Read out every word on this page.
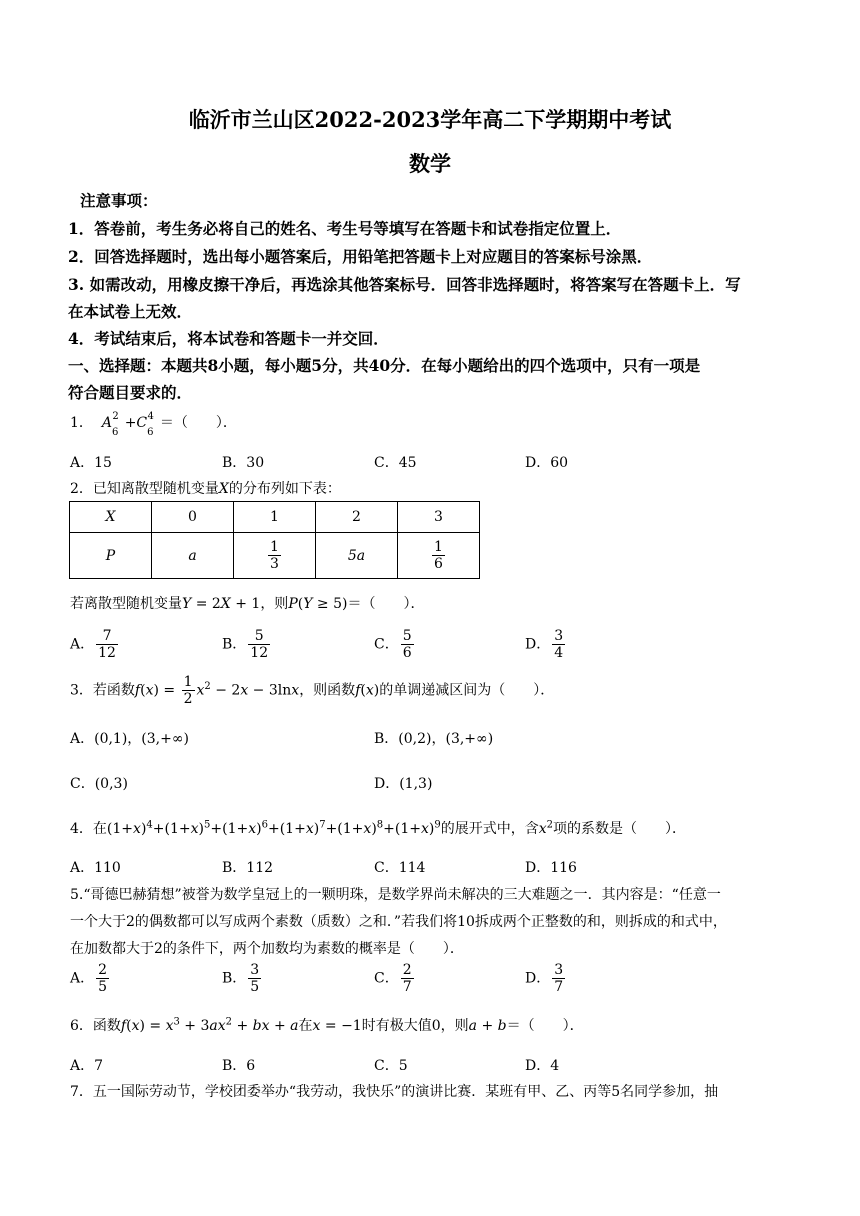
临沂市兰山区2022-2023学年高二下学期期中考试
数学
注意事项：
1．答卷前，考生务必将自己的姓名、考生号等填写在答题卡和试卷指定位置上．
2．回答选择题时，选出每小题答案后，用铅笔把答题卡上对应题目的答案标号涂黑．
3. 如需改动，用橡皮擦干净后，再选涂其他答案标号．回答非选择题时，将答案写在答题卡上．写
在本试卷上无效．
4．考试结束后，将本试卷和答题卡一并交回．
一、选择题：本题共8小题，每小题5分，共40分．在每小题给出的四个选项中，只有一项是
符合题目要求的．
1．  $A_6^2 +C_6^4$ ＝（　　）．
A．15	B．30	C．45	D．60
2．已知离散型随机变量X的分布列如下表：
X	0	1	2	3
P	a	$\frac{1}{3}$	5a	$\frac{1}{6}$
若离散型随机变量Y = 2X + 1，则P(Y ≥ 5)＝（　　）．
A． $\frac{7}{12}$	B． $\frac{5}{12}$	C． $\frac{5}{6}$	D． $\frac{3}{4}$
3．若函数$f(x) = \frac{1}{2} x^2 - 2x - 3\ln x$，则函数f(x)的单调递减区间为（　　）．
A．(0,1)，(3,+∞)	B．(0,2)，(3,+∞)
C．(0,3)	D．(1,3)
4．在$(1+x)^4+(1+x)^5+(1+x)^6+(1+x)^7+(1+x)^8+(1+x)^9$的展开式中，含$x^2$项的系数是（　　）．
A．110	B．112	C．114	D．116
5.“哥德巴赫猜想”被誉为数学皇冠上的一颗明珠，是数学界尚未解决的三大难题之一．其内容是：“任意一
一个大于2的偶数都可以写成两个素数（质数）之和．”若我们将10拆成两个正整数的和，则拆成的和式中，
在加数都大于2的条件下，两个加数均为素数的概率是（　　）．
A． $\frac{2}{5}$	B． $\frac{3}{5}$	C． $\frac{2}{7}$	D． $\frac{3}{7}$
6．函数$f(x) = x^3 + 3ax^2$ + bx + a在x = −1时有极大值0，则a + b＝（　　）．
A．7	B．6	C．5	D．4
7．五一国际劳动节，学校团委举办“我劳动，我快乐”的演讲比赛．某班有甲、乙、丙等5名同学参加，抽
